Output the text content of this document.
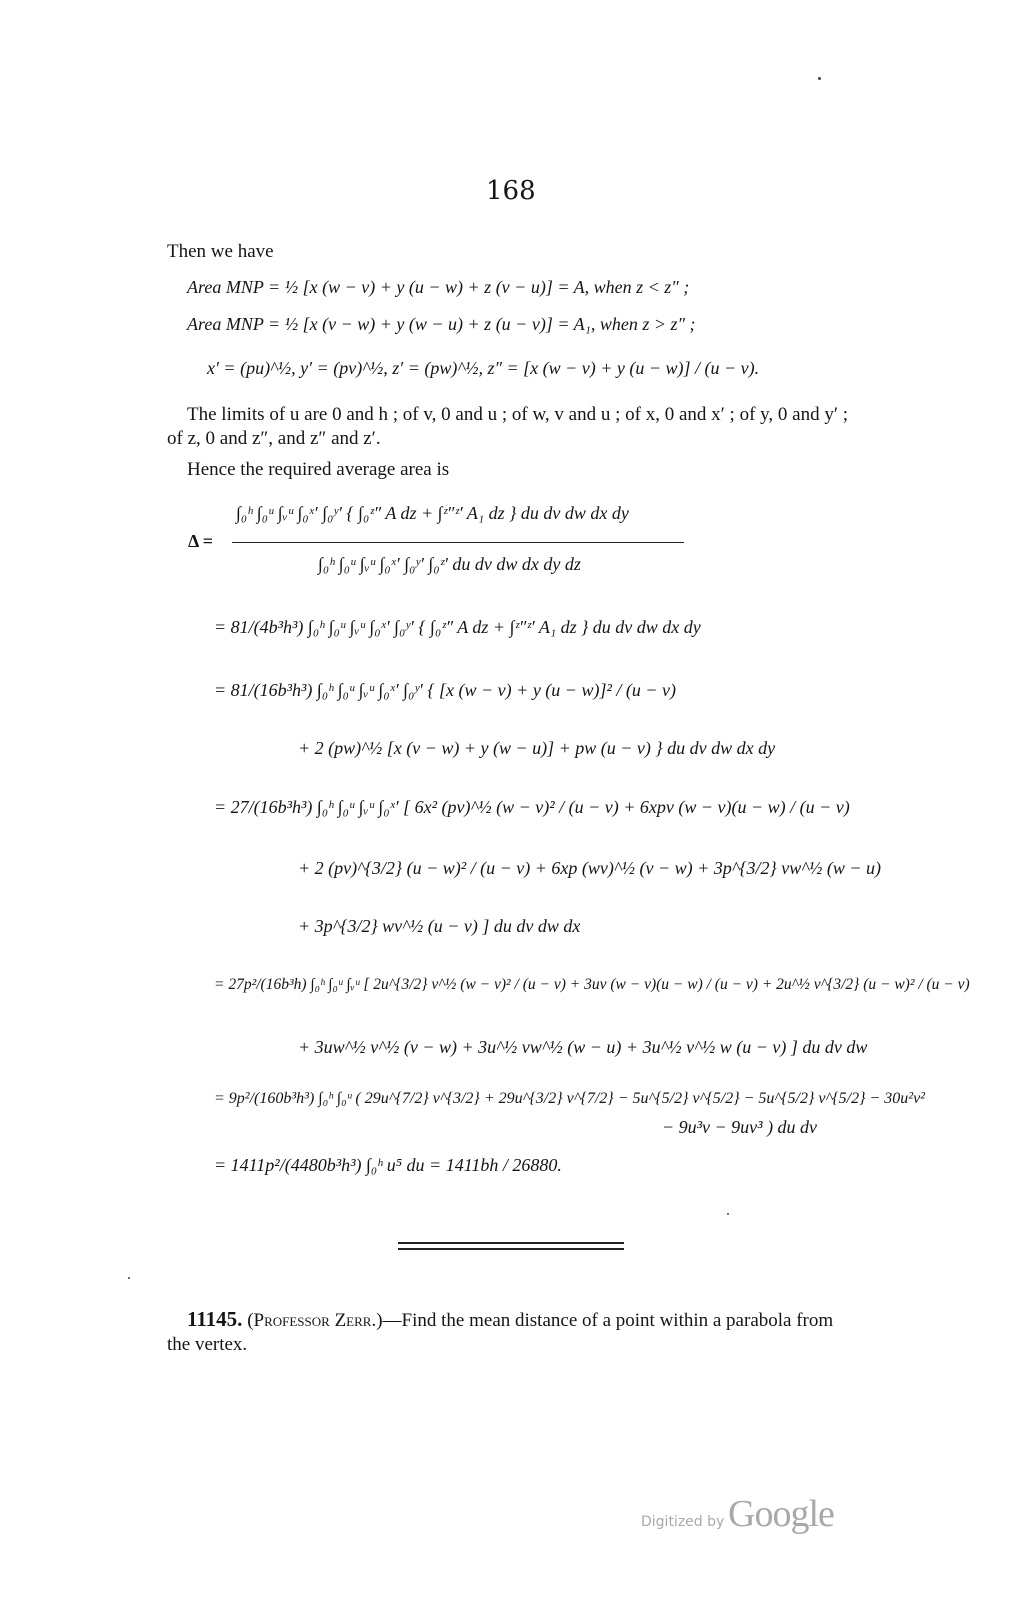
168
Then we have
Area MNP = ½ [x (w − v) + y (u − w) + z (v − u)] = A, when z < z″ ;
Area MNP = ½ [x (v − w) + y (w − u) + z (u − v)] = A₁, when z > z″ ;
x′ = (pu)^½, y′ = (pv)^½, z′ = (pw)^½, z″ = [x (w − v) + y (u − w)] / (u − v).
The limits of u are 0 and h ; of v, 0 and u ; of w, v and u ; of x, 0 and x′ ; of y, 0 and y′ ; of z, 0 and z″, and z″ and z′.
Hence the required average area is
Δ =
∫₀ʰ ∫₀ᵘ ∫ᵥᵘ ∫₀ˣ′ ∫₀ʸ′ { ∫₀ᶻ″ A dz + ∫ᶻ″ᶻ′ A₁ dz } du dv dw dx dy
∫₀ʰ ∫₀ᵘ ∫ᵥᵘ ∫₀ˣ′ ∫₀ʸ′ ∫₀ᶻ′ du dv dw dx dy dz
= 81/(4b³h³) ∫₀ʰ ∫₀ᵘ ∫ᵥᵘ ∫₀ˣ′ ∫₀ʸ′ { ∫₀ᶻ″ A dz + ∫ᶻ″ᶻ′ A₁ dz } du dv dw dx dy
= 81/(16b³h³) ∫₀ʰ ∫₀ᵘ ∫ᵥᵘ ∫₀ˣ′ ∫₀ʸ′ { [x (w − v) + y (u − w)]² / (u − v)
+ 2 (pw)^½ [x (v − w) + y (w − u)] + pw (u − v) } du dv dw dx dy
= 27/(16b³h³) ∫₀ʰ ∫₀ᵘ ∫ᵥᵘ ∫₀ˣ′ [ 6x² (pv)^½ (w − v)² / (u − v) + 6xpv (w − v)(u − w) / (u − v)
+ 2 (pv)^{3/2} (u − w)² / (u − v) + 6xp (wv)^½ (v − w) + 3p^{3/2} vw^½ (w − u)
+ 3p^{3/2} wv^½ (u − v) ] du dv dw dx
= 27p²/(16b³h) ∫₀ʰ ∫₀ᵘ ∫ᵥᵘ [ 2u^{3/2} v^½ (w − v)² / (u − v) + 3uv (w − v)(u − w) / (u − v) + 2u^½ v^{3/2} (u − w)² / (u − v)
+ 3uw^½ v^½ (v − w) + 3u^½ vw^½ (w − u) + 3u^½ v^½ w (u − v) ] du dv dw
= 9p²/(160b³h³) ∫₀ʰ ∫₀ᵘ ( 29u^{7/2} v^{3/2} + 29u^{3/2} v^{7/2} − 5u^{5/2} v^{5/2} − 5u^{5/2} v^{5/2} − 30u²v²
− 9u³v − 9uv³ ) du dv
= 1411p²/(4480b³h³) ∫₀ʰ u⁵ du = 1411bh / 26880.
11145. (Professor Zerr.)—Find the mean distance of a point within a parabola from the vertex.
Digitized by Google
